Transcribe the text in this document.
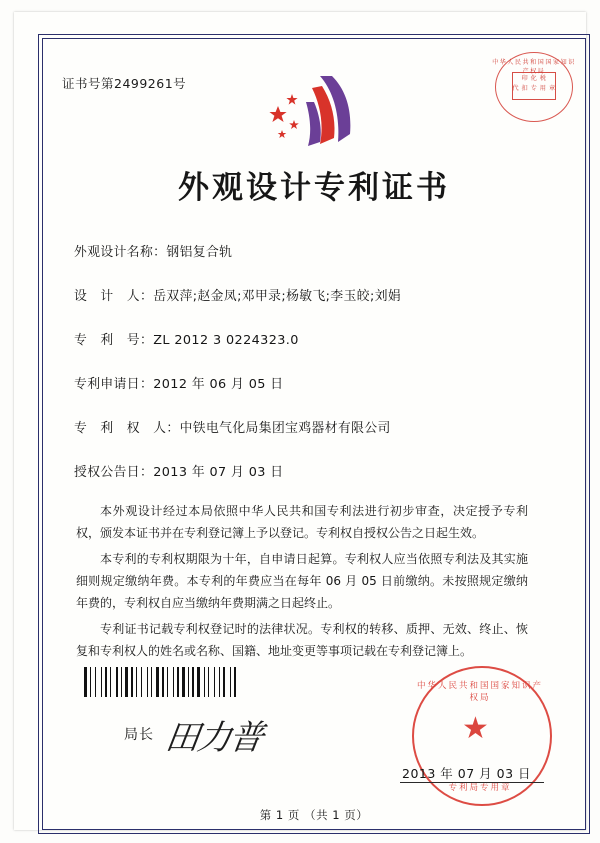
证书号第2499261号
中华人民共和国国家知识产权局
印 化 税
代 扣 专 用 章
外观设计专利证书
外观设计名称：钢铝复合轨
设　计　人：岳双萍;赵金凤;邓甲录;杨敏飞;李玉皎;刘娟
专　利　号：ZL 2012 3 0224323.0
专利申请日：2012 年 06 月 05 日
专　利　权　人：中铁电气化局集团宝鸡器材有限公司
授权公告日：2013 年 07 月 03 日

本外观设计经过本局依照中华人民共和国专利法进行初步审查，决定授予专利权，颁发本证书并在专利登记簿上予以登记。专利权自授权公告之日起生效。

本专利的专利权期限为十年，自申请日起算。专利权人应当依照专利法及其实施细则规定缴纳年费。本专利的年费应当在每年 06 月 05 日前缴纳。未按照规定缴纳年费的，专利权自应当缴纳年费期满之日起终止。

专利证书记载专利权登记时的法律状况。专利权的转移、质押、无效、终止、恢复和专利权人的姓名或名称、国籍、地址变更等事项记载在专利登记簿上。

局长 田力普
中华人民共和国国家知识产权局
★
专利局专用章
2013 年 07 月 03 日
第 1 页 （共 1 页）
